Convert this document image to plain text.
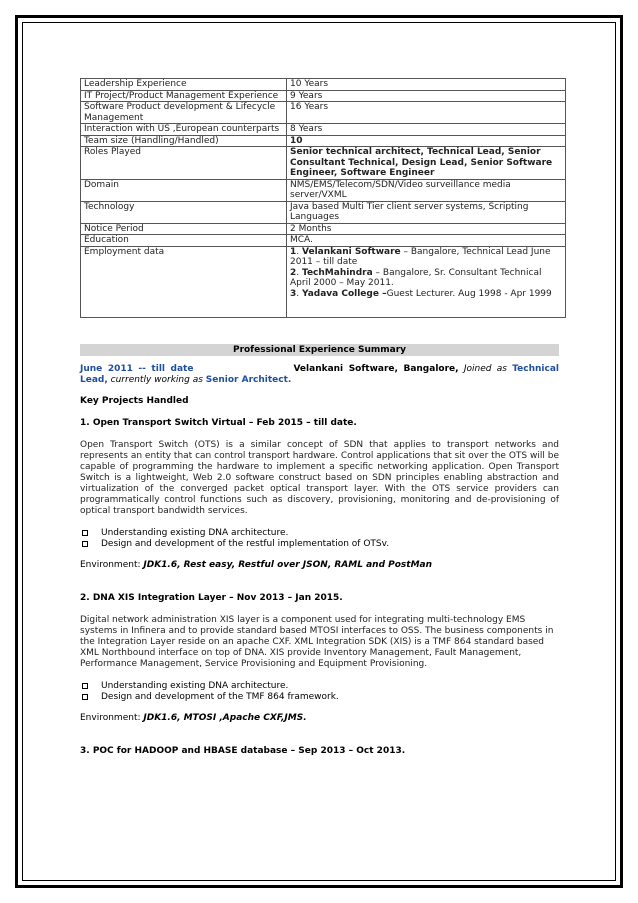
Leadership Experience	10 Years
IT Project/Product Management Experience	9 Years
Software Product development & Lifecycle Management	16 Years
Interaction with US ,European counterparts	8 Years
Team size (Handling/Handled)	10
Roles Played	Senior technical architect, Technical Lead, Senior Consultant Technical, Design Lead, Senior Software Engineer, Software Engineer
Domain	NMS/EMS/Telecom/SDN/Video surveillance media server/VXML
Technology	Java based Multi Tier client server systems, Scripting Languages
Notice Period	2 Months
Education	MCA.
Employment data	1. Velankani Software – Bangalore, Technical Lead June 2011 – till date
2. TechMahindra – Bangalore, Sr. Consultant Technical April 2000 – May 2011.
3. Yadava College –Guest Lecturer. Aug 1998 - Apr 1999
Professional Experience Summary

June 2011 -- till date	Velankani Software, Bangalore, Joined as Technical Lead, currently working as Senior Architect.

Key Projects Handled

1. Open Transport Switch Virtual – Feb 2015 – till date.

Open Transport Switch (OTS) is a similar concept of SDN that applies to transport networks and represents an entity that can control transport hardware. Control applications that sit over the OTS will be capable of programming the hardware to implement a specific networking application. Open Transport Switch is a lightweight, Web 2.0 software construct based on SDN principles enabling abstraction and virtualization of the converged packet optical transport layer. With the OTS service providers can programmatically control functions such as discovery, provisioning, monitoring and de-provisioning of optical transport bandwidth services.

Understanding existing DNA architecture.
Design and development of the restful implementation of OTSv.

Environment: JDK1.6, Rest easy, Restful over JSON, RAML and PostMan

2. DNA XIS Integration Layer – Nov 2013 – Jan 2015.

Digital network administration XIS layer is a component used for integrating multi-technology EMS systems in Infinera and to provide standard based MTOSI interfaces to OSS. The business components in the Integration Layer reside on an apache CXF. XML Integration SDK (XIS) is a TMF 864 standard based XML Northbound interface on top of DNA. XIS provide Inventory Management, Fault Management, Performance Management, Service Provisioning and Equipment Provisioning.

Understanding existing DNA architecture.
Design and development of the TMF 864 framework.

Environment: JDK1.6, MTOSI ,Apache CXF,JMS.

3. POC for HADOOP and HBASE database – Sep 2013 – Oct 2013.
